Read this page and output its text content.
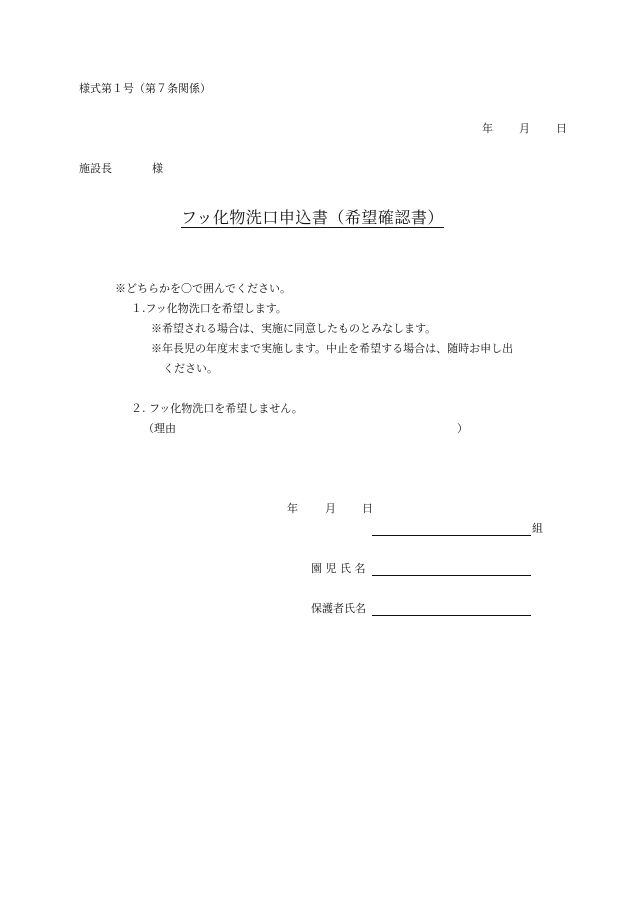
様式第１号（第７条関係）
年 月 日
施設長	様
フッ化物洗口申込書（希望確認書）
※どちらかを〇で囲んでください。
１.フッ化物洗口を希望します。
※希望される場合は、実施に同意したものとみなします。
※年長児の年度末まで実施します。中止を希望する場合は、随時お申し出
ください。
２. フッ化物洗口を希望しません。
（理由	）
年 月 日
組
園 児 氏 名
保護者氏名
